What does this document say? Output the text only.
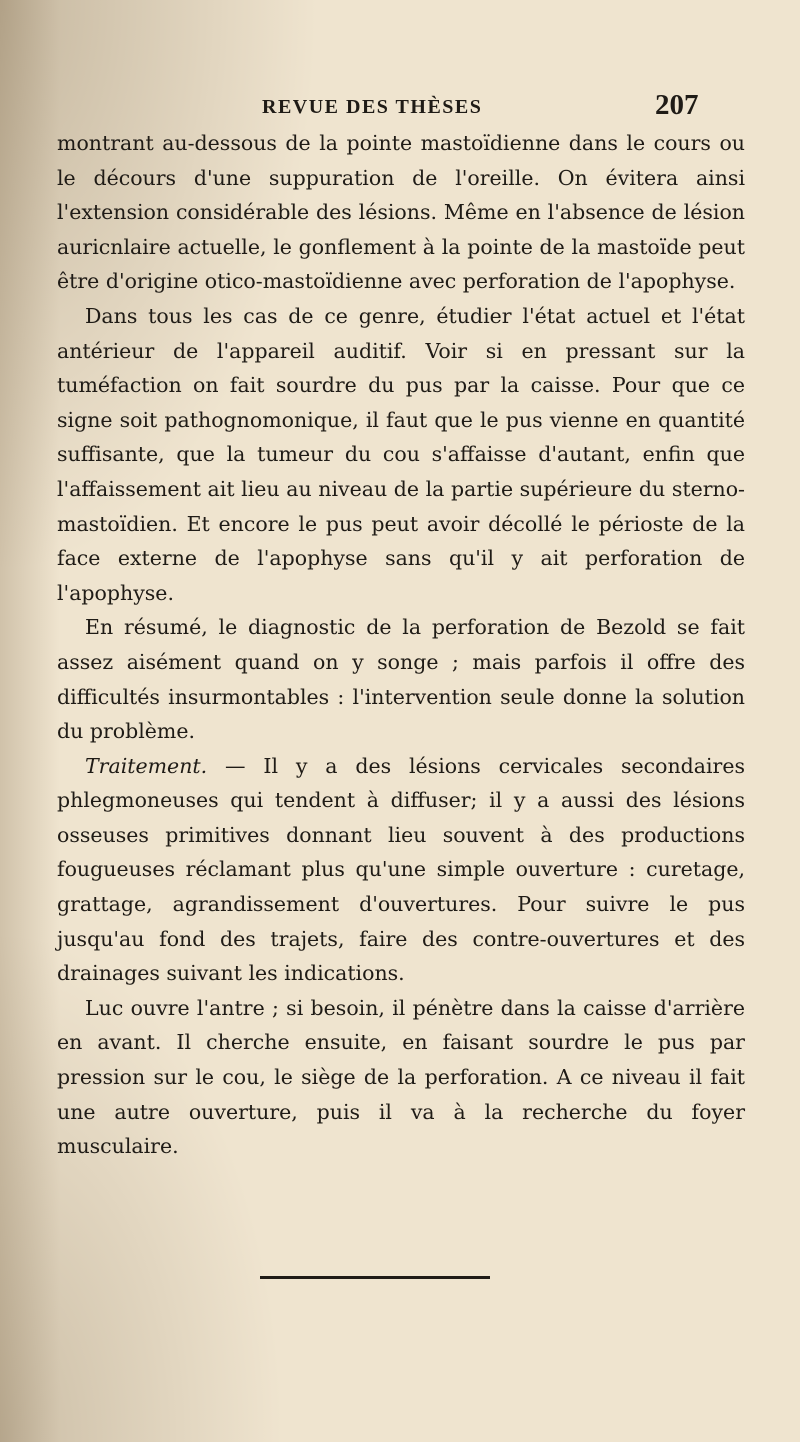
REVUE DES THÈSES	207

montrant au-dessous de la pointe mastoïdienne dans le cours ou le décours d'une suppuration de l'oreille. On évitera ainsi l'extension considérable des lésions. Même en l'absence de lésion auricnlaire actuelle, le gonflement à la pointe de la mastoïde peut être d'origine otico-mastoïdienne avec perforation de l'apophyse.

Dans tous les cas de ce genre, étudier l'état actuel et l'état antérieur de l'appareil auditif. Voir si en pressant sur la tuméfaction on fait sourdre du pus par la caisse. Pour que ce signe soit pathognomonique, il faut que le pus vienne en quantité suffisante, que la tumeur du cou s'affaisse d'autant, enfin que l'affaissement ait lieu au niveau de la partie supérieure du sterno-mastoïdien. Et encore le pus peut avoir décollé le périoste de la face externe de l'apophyse sans qu'il y ait perforation de l'apophyse.

En résumé, le diagnostic de la perforation de Bezold se fait assez aisément quand on y songe ; mais parfois il offre des difficultés insurmontables : l'intervention seule donne la solution du problème.

Traitement. — Il y a des lésions cervicales secondaires phlegmoneuses qui tendent à diffuser; il y a aussi des lésions osseuses primitives donnant lieu souvent à des productions fougueuses réclamant plus qu'une simple ouverture : curetage, grattage, agrandissement d'ouvertures. Pour suivre le pus jusqu'au fond des trajets, faire des contre-ouvertures et des drainages suivant les indications.

Luc ouvre l'antre ; si besoin, il pénètre dans la caisse d'arrière en avant. Il cherche ensuite, en faisant sourdre le pus par pression sur le cou, le siège de la perforation. A ce niveau il fait une autre ouverture, puis il va à la recherche du foyer musculaire.
